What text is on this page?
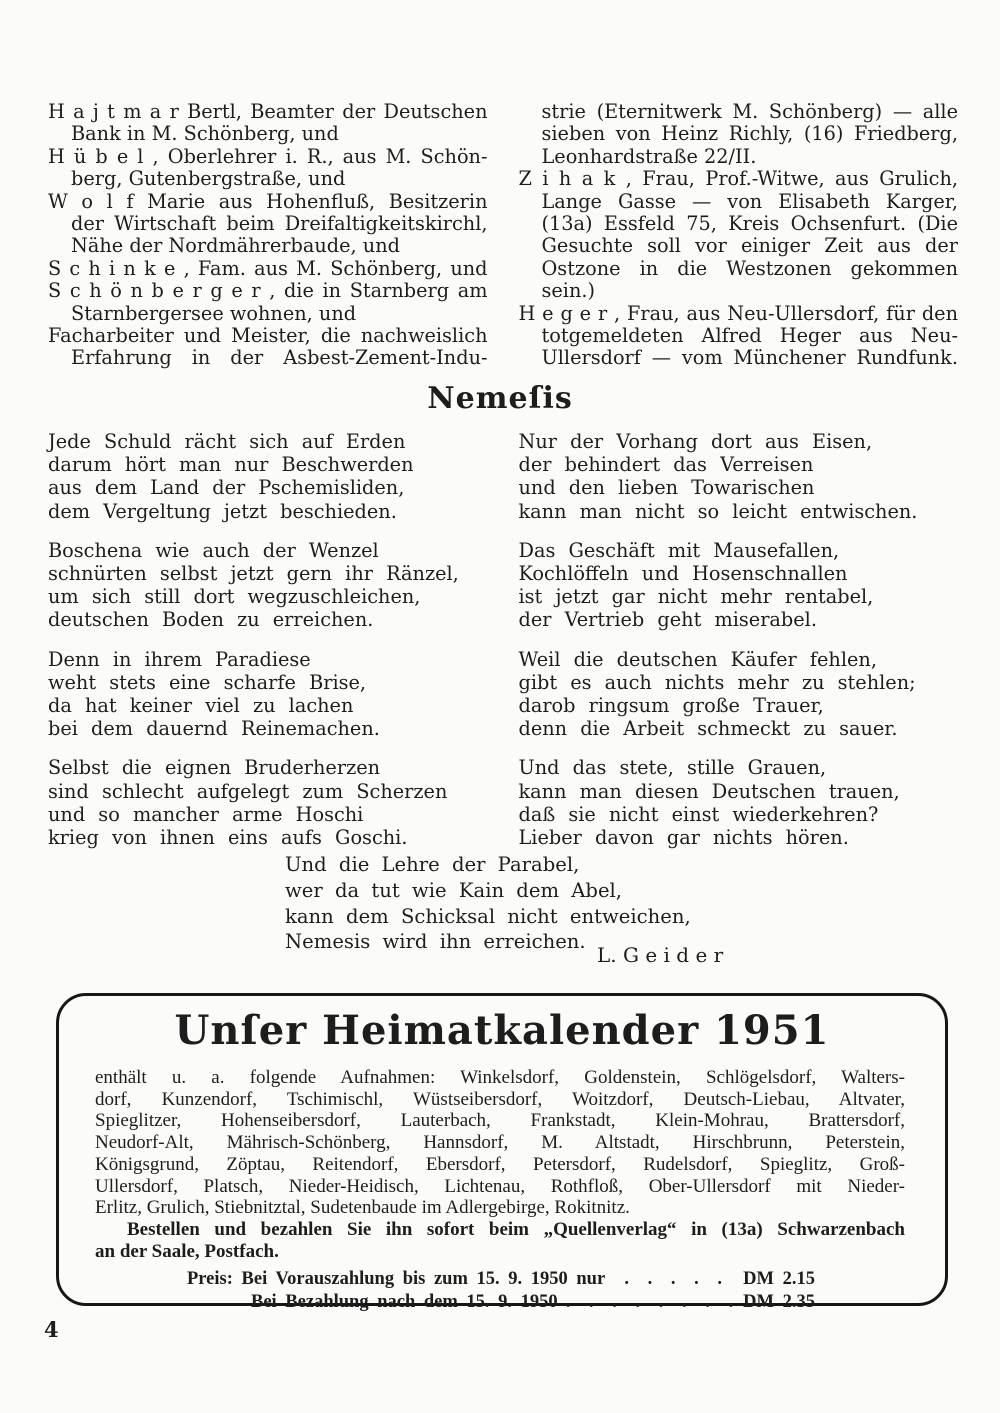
H a j t m a r Bertl, Beamter der Deutschen
Bank in M. Schönberg, und
H ü b e l , Oberlehrer i. R., aus M. Schön-
berg, Gutenbergstraße, und
W o l f Marie aus Hohenfluß, Besitzerin
der Wirtschaft beim Dreifaltigkeitskirchl,
Nähe der Nordmährerbaude, und
S c h i n k e , Fam. aus M. Schönberg, und
S c h ö n b e r g e r , die in Starnberg am
Starnbergersee wohnen, und
Facharbeiter und Meister, die nachweislich
Erfahrung in der Asbest-Zement-Indu-
strie (Eternitwerk M. Schönberg) — alle
sieben von Heinz Richly, (16) Friedberg,
Leonhardstraße 22/II.
Z i h a k , Frau, Prof.-Witwe, aus Grulich,
Lange Gasse — von Elisabeth Karger,
(13a) Essfeld 75, Kreis Ochsenfurt. (Die
Gesuchte soll vor einiger Zeit aus der
Ostzone in die Westzonen gekommen
sein.)
H e g e r , Frau, aus Neu-Ullersdorf, für den
totgemeldeten Alfred Heger aus Neu-
Ullersdorf — vom Münchener Rundfunk.
Nemeſis
Jede Schuld rächt sich auf Erden
darum hört man nur Beschwerden
aus dem Land der Pschemisliden,
dem Vergeltung jetzt beschieden.
Boschena wie auch der Wenzel
schnürten selbst jetzt gern ihr Ränzel,
um sich still dort wegzuschleichen,
deutschen Boden zu erreichen.
Denn in ihrem Paradiese
weht stets eine scharfe Brise,
da hat keiner viel zu lachen
bei dem dauernd Reinemachen.
Selbst die eignen Bruderherzen
sind schlecht aufgelegt zum Scherzen
und so mancher arme Hoschi
krieg von ihnen eins aufs Goschi.
Nur der Vorhang dort aus Eisen,
der behindert das Verreisen
und den lieben Towarischen
kann man nicht so leicht entwischen.
Das Geschäft mit Mausefallen,
Kochlöffeln und Hosenschnallen
ist jetzt gar nicht mehr rentabel,
der Vertrieb geht miserabel.
Weil die deutschen Käufer fehlen,
gibt es auch nichts mehr zu stehlen;
darob ringsum große Trauer,
denn die Arbeit schmeckt zu sauer.
Und das stete, stille Grauen,
kann man diesen Deutschen trauen,
daß sie nicht einst wiederkehren?
Lieber davon gar nichts hören.
Und die Lehre der Parabel,
wer da tut wie Kain dem Abel,
kann dem Schicksal nicht entweichen,
Nemesis wird ihn erreichen.
L. G e i d e r
Unſer Heimatkalender 1951
enthält u. a. folgende Aufnahmen: Winkelsdorf, Goldenstein, Schlögelsdorf, Walters-
dorf, Kunzendorf, Tschimischl, Wüstseibersdorf, Woitzdorf, Deutsch-Liebau, Altvater,
Spieglitzer, Hohenseibersdorf, Lauterbach, Frankstadt, Klein-Mohrau, Brattersdorf,
Neudorf-Alt, Mährisch-Schönberg, Hannsdorf, M. Altstadt, Hirschbrunn, Peterstein,
Königsgrund, Zöptau, Reitendorf, Ebersdorf, Petersdorf, Rudelsdorf, Spieglitz, Groß-
Ullersdorf, Platsch, Nieder-Heidisch, Lichtenau, Rothfloß, Ober-Ullersdorf mit Nieder-
Erlitz, Grulich, Stiebnitztal, Sudetenbaude im Adlergebirge, Rokitnitz.
Bestellen und bezahlen Sie ihn sofort beim „Quellenverlag“ in (13a) Schwarzenbach
an der Saale, Postfach.
Preis: Bei Vorauszahlung bis zum 15. 9. 1950 nur	. . . . .	DM 2.15
Bei Bezahlung nach dem 15. 9. 1950 . . . . . . . . DM 2.35
4
